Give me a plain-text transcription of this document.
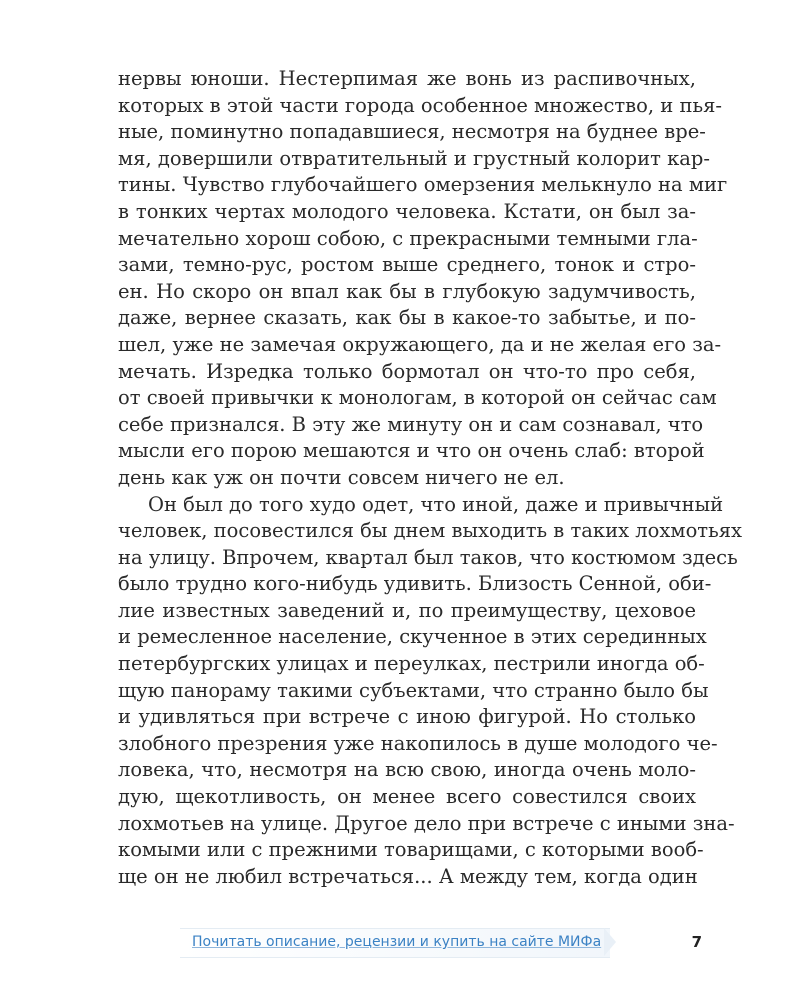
нервы юноши. Нестерпимая же вонь из распивочных,
которых в этой части города особенное множество, и пья-
ные, поминутно попадавшиеся, несмотря на буднее вре-
мя, довершили отвратительный и грустный колорит кар-
тины. Чувство глубочайшего омерзения мелькнуло на миг
в тонких чертах молодого человека. Кстати, он был за-
мечательно хорош собою, с прекрасными темными гла-
зами, темно-рус, ростом выше среднего, тонок и стро-
ен. Но скоро он впал как бы в глубокую задумчивость,
даже, вернее сказать, как бы в какое-то забытье, и по-
шел, уже не замечая окружающего, да и не желая его за-
мечать. Изредка только бормотал он что-то про себя,
от своей привычки к монологам, в которой он сейчас сам
себе признался. В эту же минуту он и сам сознавал, что
мысли его порою мешаются и что он очень слаб: второй
день как уж он почти совсем ничего не ел.
Он был до того худо одет, что иной, даже и привычный
человек, посовестился бы днем выходить в таких лохмотьях
на улицу. Впрочем, квартал был таков, что костюмом здесь
было трудно кого-нибудь удивить. Близость Сенной, оби-
лие известных заведений и, по преимуществу, цеховое
и ремесленное население, скученное в этих серединных
петербургских улицах и переулках, пестрили иногда об-
щую панораму такими субъектами, что странно было бы
и удивляться при встрече с иною фигурой. Но столько
злобного презрения уже накопилось в душе молодого че-
ловека, что, несмотря на всю свою, иногда очень моло-
дую, щекотливость, он менее всего совестился своих
лохмотьев на улице. Другое дело при встрече с иными зна-
комыми или с прежними товарищами, с которыми вооб-
ще он не любил встречаться... А между тем, когда один
Почитать описание, рецензии и купить на сайте МИФа	7
